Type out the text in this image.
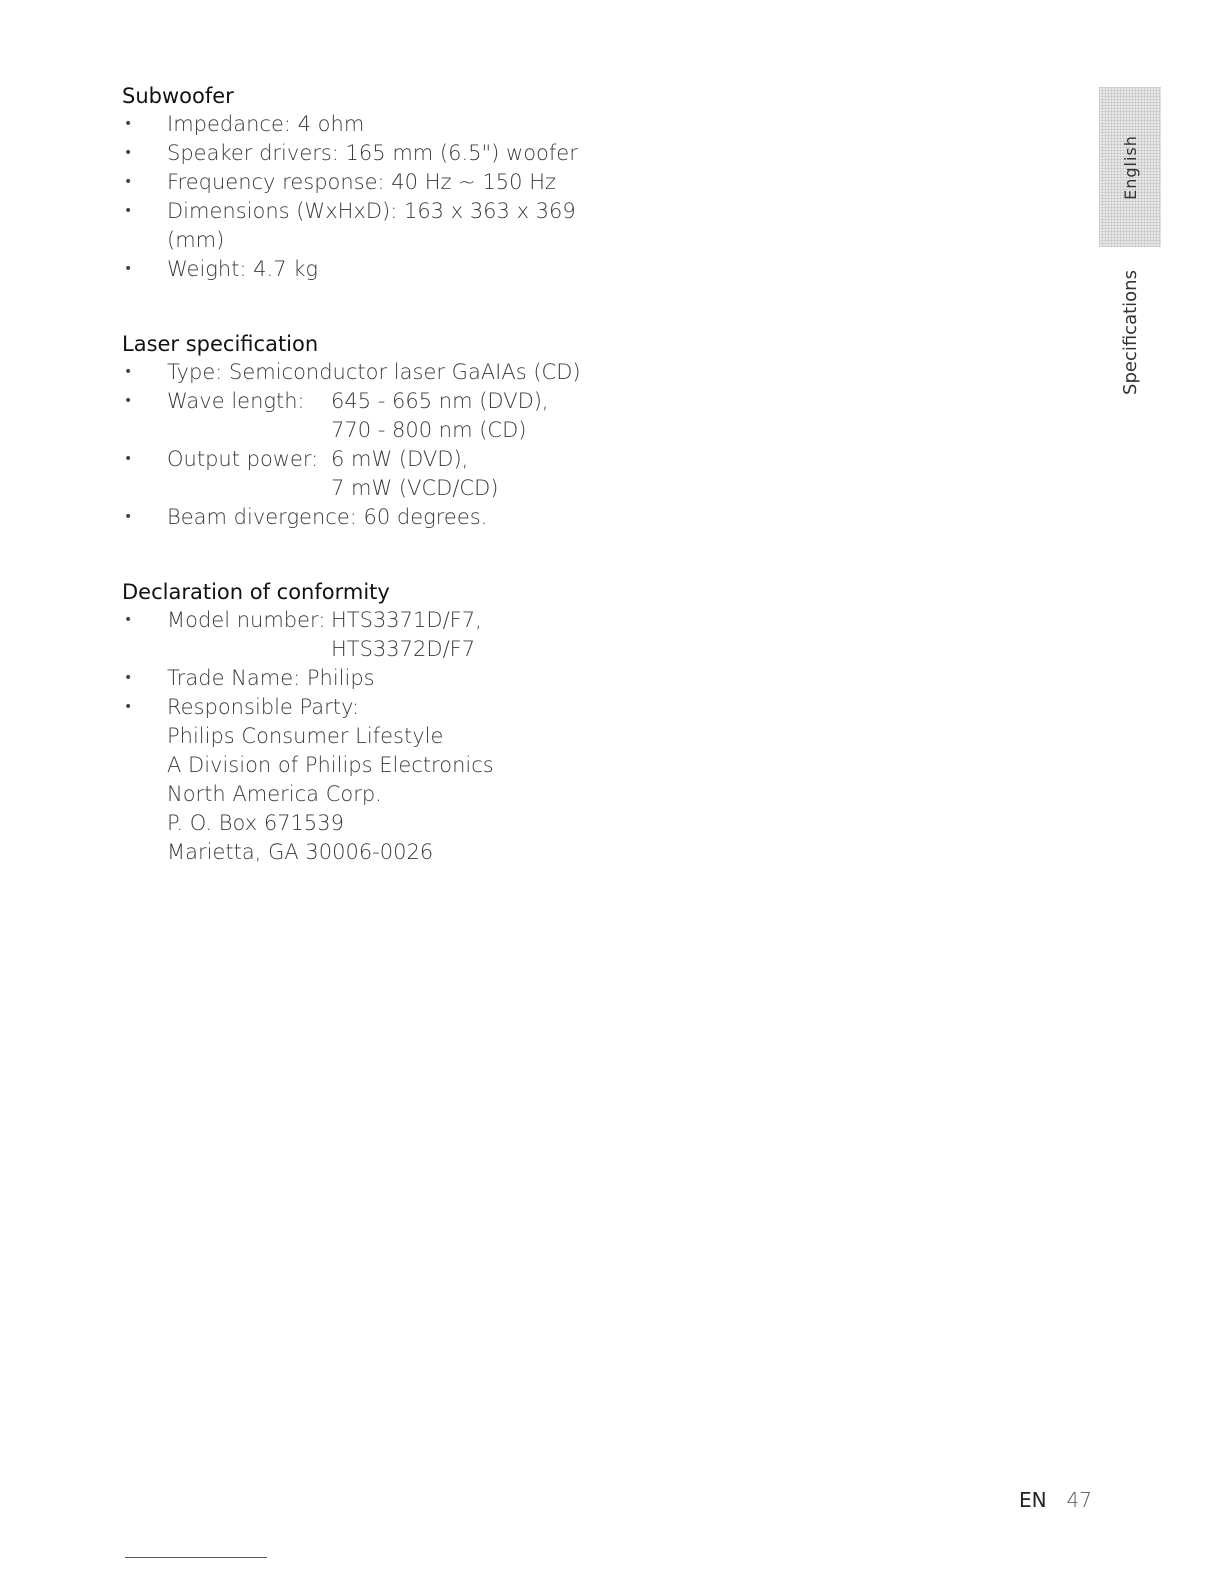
Subwoofer
• Impedance: 4 ohm
• Speaker drivers: 165 mm (6.5") woofer
• Frequency response: 40 Hz ~ 150 Hz
• Dimensions (WxHxD): 163 x 363 x 369
(mm)
• Weight: 4.7 kg
Laser specification
• Type: Semiconductor laser GaAIAs (CD)
• Wave length:	645 - 665 nm (DVD),
770 - 800 nm (CD)
• Output power: 6 mW (DVD),
7 mW (VCD/CD)
• Beam divergence: 60 degrees.
Declaration of conformity
• Model number: HTS3371D/F7,
HTS3372D/F7
• Trade Name: Philips
• Responsible Party:
Philips Consumer Lifestyle
A Division of Philips Electronics
North America Corp.
P. O. Box 671539
Marietta, GA 30006-0026
English
Specifications
EN 47
